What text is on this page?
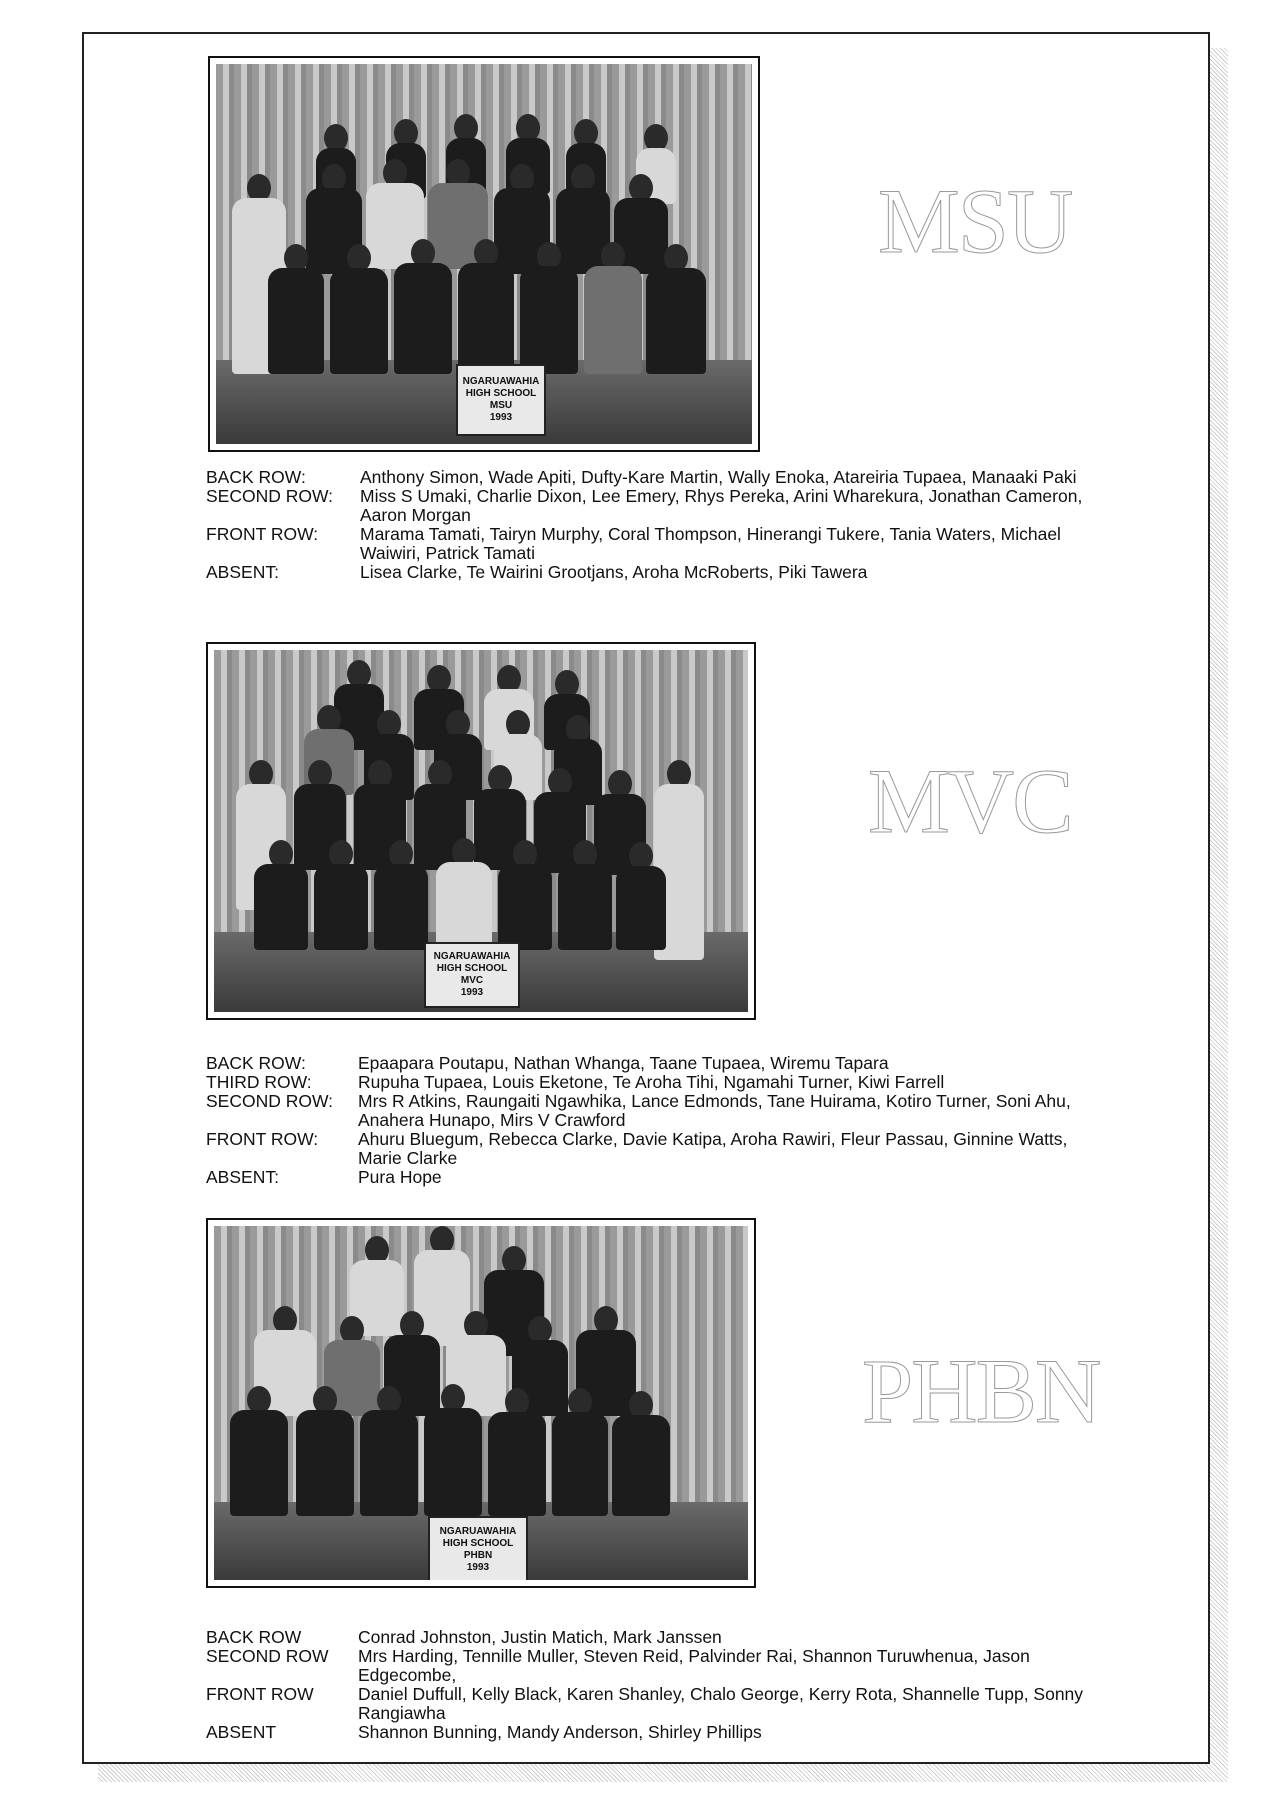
NGARUAWAHIA
HIGH SCHOOL
MSU
1993
MSU
BACK ROW:	Anthony Simon, Wade Apiti, Dufty-Kare Martin, Wally Enoka, Atareiria Tupaea, Manaaki Paki
SECOND ROW:	Miss S Umaki, Charlie Dixon, Lee Emery, Rhys Pereka, Arini Wharekura, Jonathan Cameron, Aaron Morgan
FRONT ROW:	Marama Tamati, Tairyn Murphy, Coral Thompson, Hinerangi Tukere, Tania Waters, Michael Waiwiri, Patrick Tamati
ABSENT:	Lisea Clarke, Te Wairini Grootjans, Aroha McRoberts, Piki Tawera
NGARUAWAHIA
HIGH SCHOOL
MVC
1993
MVC
BACK ROW:	Epaapara Poutapu, Nathan Whanga, Taane Tupaea, Wiremu Tapara
THIRD ROW:	Rupuha Tupaea, Louis Eketone, Te Aroha Tihi, Ngamahi Turner, Kiwi Farrell
SECOND ROW:	Mrs R Atkins, Raungaiti Ngawhika, Lance Edmonds, Tane Huirama, Kotiro Turner, Soni Ahu, Anahera Hunapo, Mirs V Crawford
FRONT ROW:	Ahuru Bluegum, Rebecca Clarke, Davie Katipa, Aroha Rawiri, Fleur Passau, Ginnine Watts, Marie Clarke
ABSENT:	Pura Hope
NGARUAWAHIA
HIGH SCHOOL
PHBN
1993
PHBN
BACK ROW	Conrad Johnston, Justin Matich, Mark Janssen
SECOND ROW	Mrs Harding, Tennille Muller, Steven Reid, Palvinder Rai, Shannon Turuwhenua, Jason Edgecombe,
FRONT ROW	Daniel Duffull, Kelly Black, Karen Shanley, Chalo George, Kerry Rota, Shannelle Tupp, Sonny Rangiawha
ABSENT	Shannon Bunning, Mandy Anderson, Shirley Phillips
